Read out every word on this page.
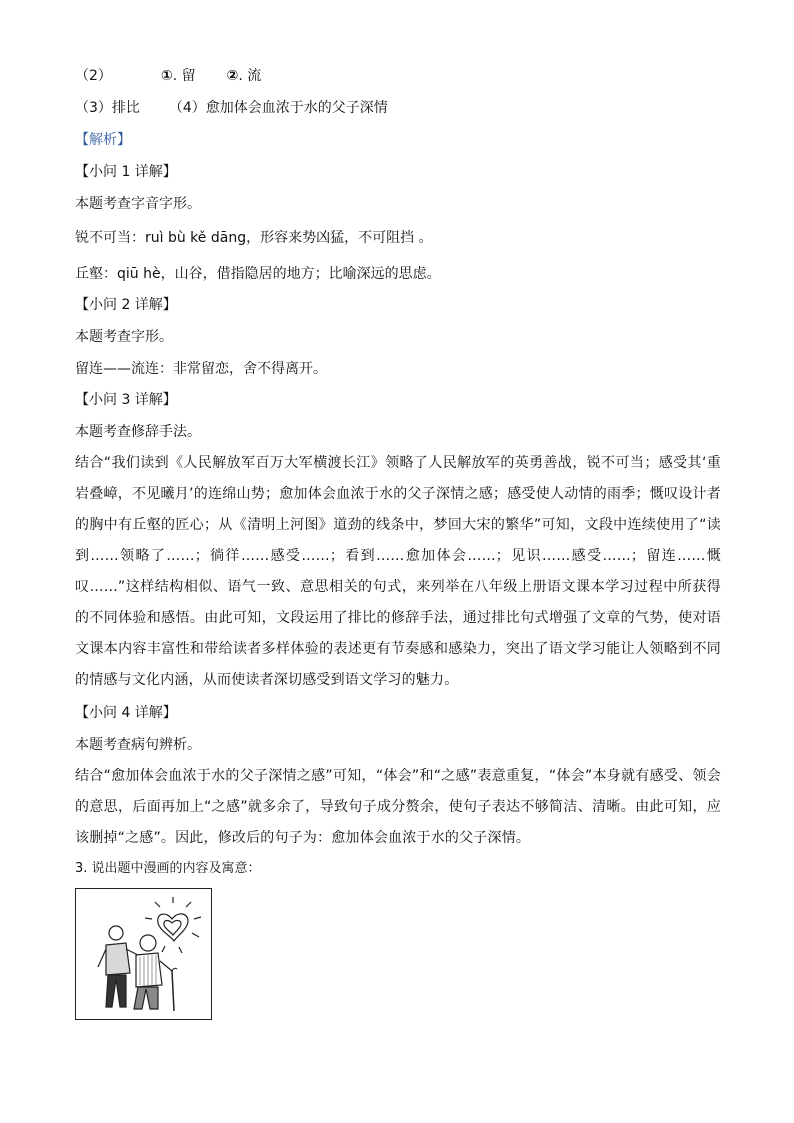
（2）	①. 留 ②. 流
（3）排比 （4）愈加体会血浓于水的父子深情
【解析】
【小问 1 详解】
本题考查字音字形。
锐不可当：ruì bù kě dāng，形容来势凶猛，不可阻挡 。
丘壑：qiū hè，山谷，借指隐居的地方；比喻深远的思虑。
【小问 2 详解】
本题考查字形。
留连——流连：非常留恋，舍不得离开。
【小问 3 详解】
本题考查修辞手法。
结合“我们读到《人民解放军百万大军横渡长江》领略了人民解放军的英勇善战，锐不可当；感受其‘重岩叠嶂，不见曦月’的连绵山势；愈加体会血浓于水的父子深情之感；感受使人动情的雨季；慨叹设计者的胸中有丘壑的匠心；从《清明上河图》道劲的线条中，梦回大宋的繁华”可知，文段中连续使用了“读到……领略了……；徜徉……感受……；看到……愈加体会……；见识……感受……；留连……慨叹……”这样结构相似、语气一致、意思相关的句式，来列举在八年级上册语文课本学习过程中所获得的不同体验和感悟。由此可知，文段运用了排比的修辞手法，通过排比句式增强了文章的气势，使对语文课本内容丰富性和带给读者多样体验的表述更有节奏感和感染力，突出了语文学习能让人领略到不同的情感与文化内涵，从而使读者深切感受到语文学习的魅力。
【小问 4 详解】
本题考查病句辨析。
结合“愈加体会血浓于水的父子深情之感”可知，“体会”和“之感”表意重复，“体会”本身就有感受、领会的意思，后面再加上“之感”就多余了，导致句子成分赘余，使句子表达不够简洁、清晰。由此可知，应该删掉“之感”。因此，修改后的句子为：愈加体会血浓于水的父子深情。
3. 说出题中漫画的内容及寓意：
